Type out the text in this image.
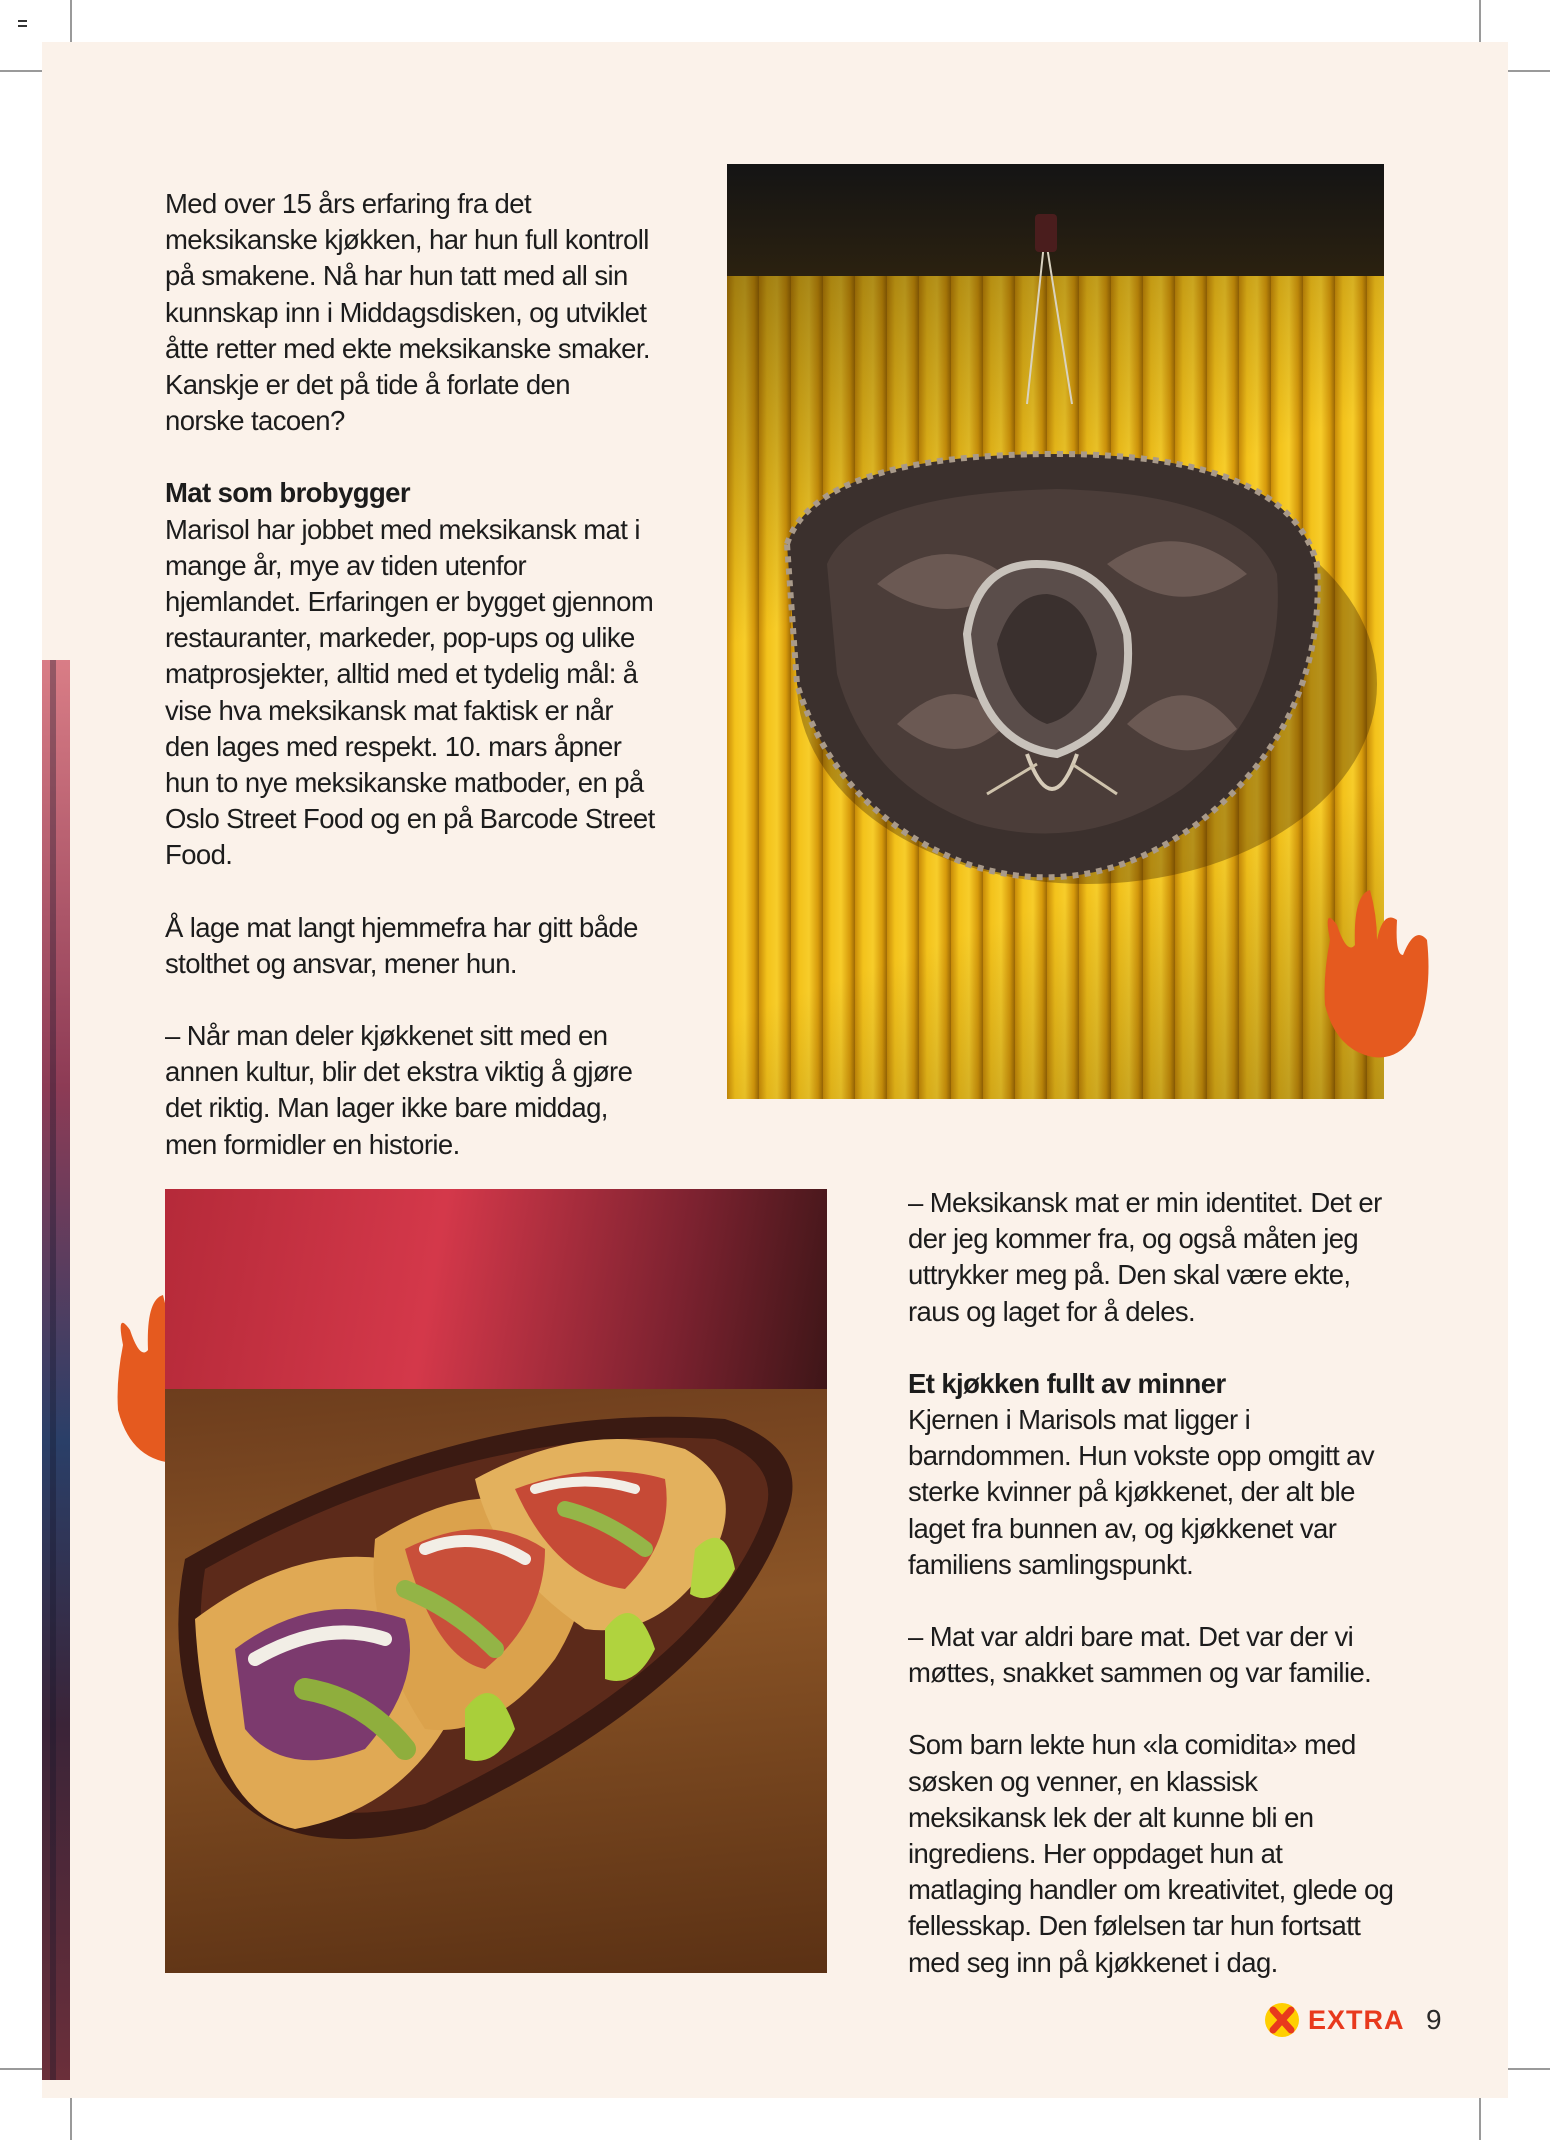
Med over 15 års erfaring fra det meksikanske kjøkken, har hun full kontroll på smakene. Nå har hun tatt med all sin kunnskap inn i Middagsdisken, og utviklet åtte retter med ekte meksikanske smaker. Kanskje er det på tide å forlate den norske tacoen?

Mat som brobygger

Marisol har jobbet med meksikansk mat i mange år, mye av tiden utenfor hjemlandet. Erfaringen er bygget gjennom restauranter, markeder, pop-ups og ulike matprosjekter, alltid med et tydelig mål: å vise hva meksikansk mat faktisk er når den lages med respekt. 10. mars åpner hun to nye meksikanske matboder, en på Oslo Street Food og en på Barcode Street Food.

Å lage mat langt hjemmefra har gitt både stolthet og ansvar, mener hun.

– Når man deler kjøkkenet sitt med en annen kultur, blir det ekstra viktig å gjøre det riktig. Man lager ikke bare middag, men formidler en historie.

– Meksikansk mat er min identitet. Det er der jeg kommer fra, og også måten jeg uttrykker meg på. Den skal være ekte, raus og laget for å deles.

Et kjøkken fullt av minner

Kjernen i Marisols mat ligger i barndommen. Hun vokste opp omgitt av sterke kvinner på kjøkkenet, der alt ble laget fra bunnen av, og kjøkkenet var familiens samlingspunkt.

– Mat var aldri bare mat. Det var der vi møttes, snakket sammen og var familie.

Som barn lekte hun «la comidita» med søsken og venner, en klassisk meksikansk lek der alt kunne bli en ingrediens. Her oppdaget hun at matlaging handler om kreativitet, glede og fellesskap. Den følelsen tar hun fortsatt med seg inn på kjøkkenet i dag.

EXTRA 9
